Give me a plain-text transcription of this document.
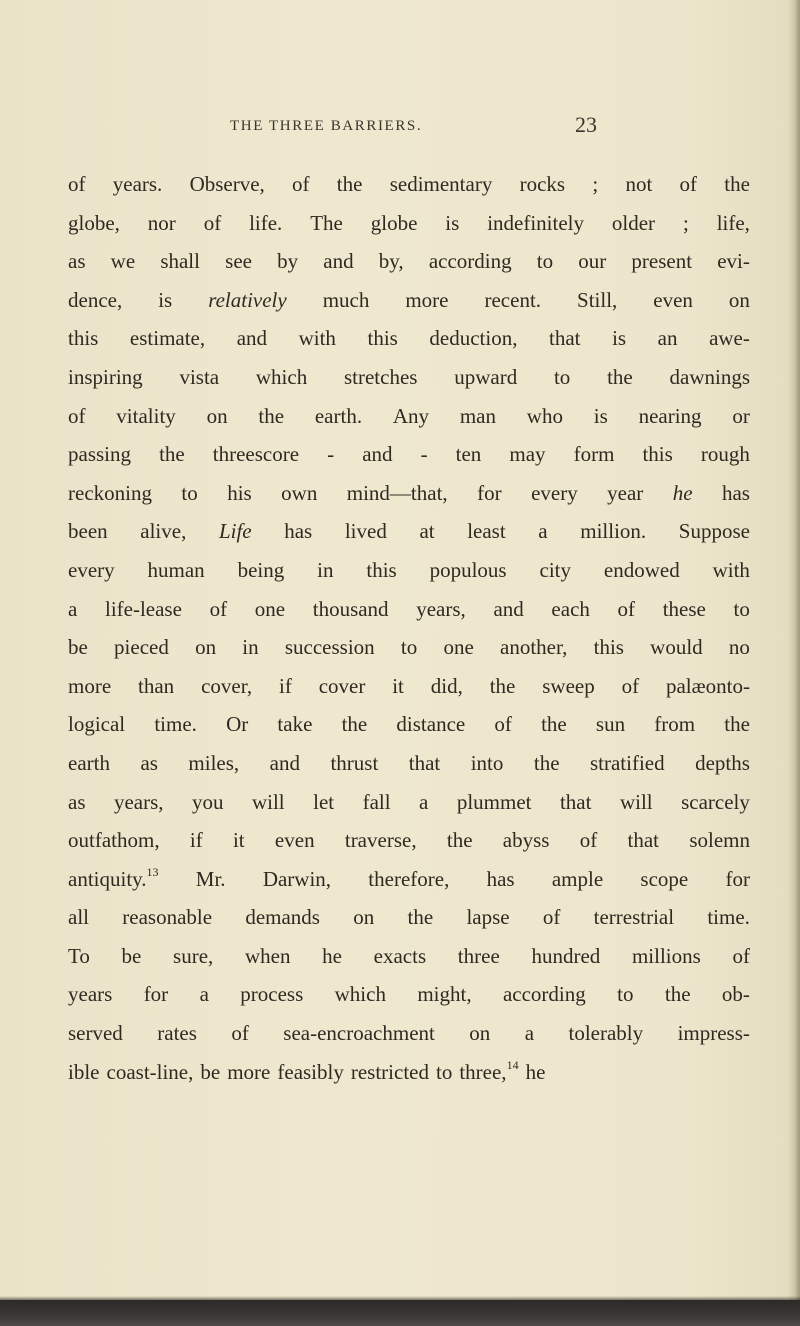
THE THREE BARRIERS.	23
of years. Observe, of the sedimentary rocks ; not of the
globe, nor of life. The globe is indefinitely older ; life,
as we shall see by and by, according to our present evi-
dence, is relatively much more recent. Still, even on
this estimate, and with this deduction, that is an awe-
inspiring vista which stretches upward to the dawnings
of vitality on the earth. Any man who is nearing or
passing the threescore - and - ten may form this rough
reckoning to his own mind—that, for every year he has
been alive, Life has lived at least a million. Suppose
every human being in this populous city endowed with
a life-lease of one thousand years, and each of these to
be pieced on in succession to one another, this would no
more than cover, if cover it did, the sweep of palæonto-
logical time. Or take the distance of the sun from the
earth as miles, and thrust that into the stratified depths
as years, you will let fall a plummet that will scarcely
outfathom, if it even traverse, the abyss of that solemn
antiquity.$^{13}$ Mr. Darwin, therefore, has ample scope for
all reasonable demands on the lapse of terrestrial time.
To be sure, when he exacts three hundred millions of
years for a process which might, according to the ob-
served rates of sea-encroachment on a tolerably impress-
ible coast-line, be more feasibly restricted to three,$^{14}$ he
